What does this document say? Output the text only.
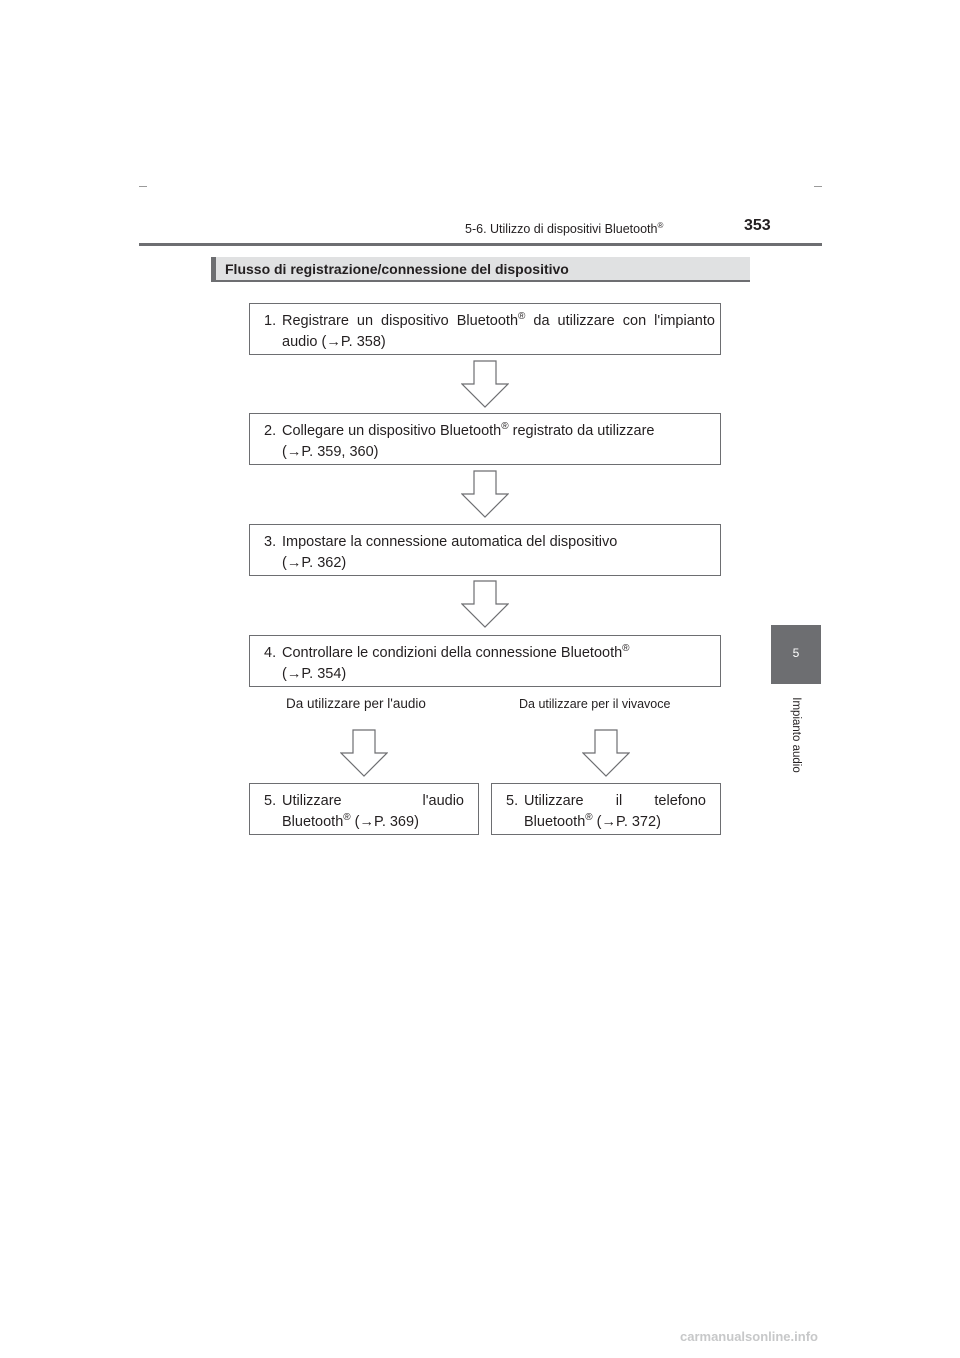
5-6. Utilizzo di dispositivi Bluetooth®	353
Flusso di registrazione/connessione del dispositivo
1. Registrare un dispositivo Bluetooth® da utilizzare con l'impianto
audio (→P. 358)
2. Collegare un dispositivo Bluetooth® registrato da utilizzare
(→P. 359, 360)
3. Impostare la connessione automatica del dispositivo
(→P. 362)
4. Controllare le condizioni della connessione Bluetooth®
(→P. 354)
Da utilizzare per l'audio	Da utilizzare per il vivavoce
5. Utilizzare	l'audio
Bluetooth® (→P. 369)
5. Utilizzare il telefono
Bluetooth® (→P. 372)
5
Impianto audio
carmanualsonline.info
